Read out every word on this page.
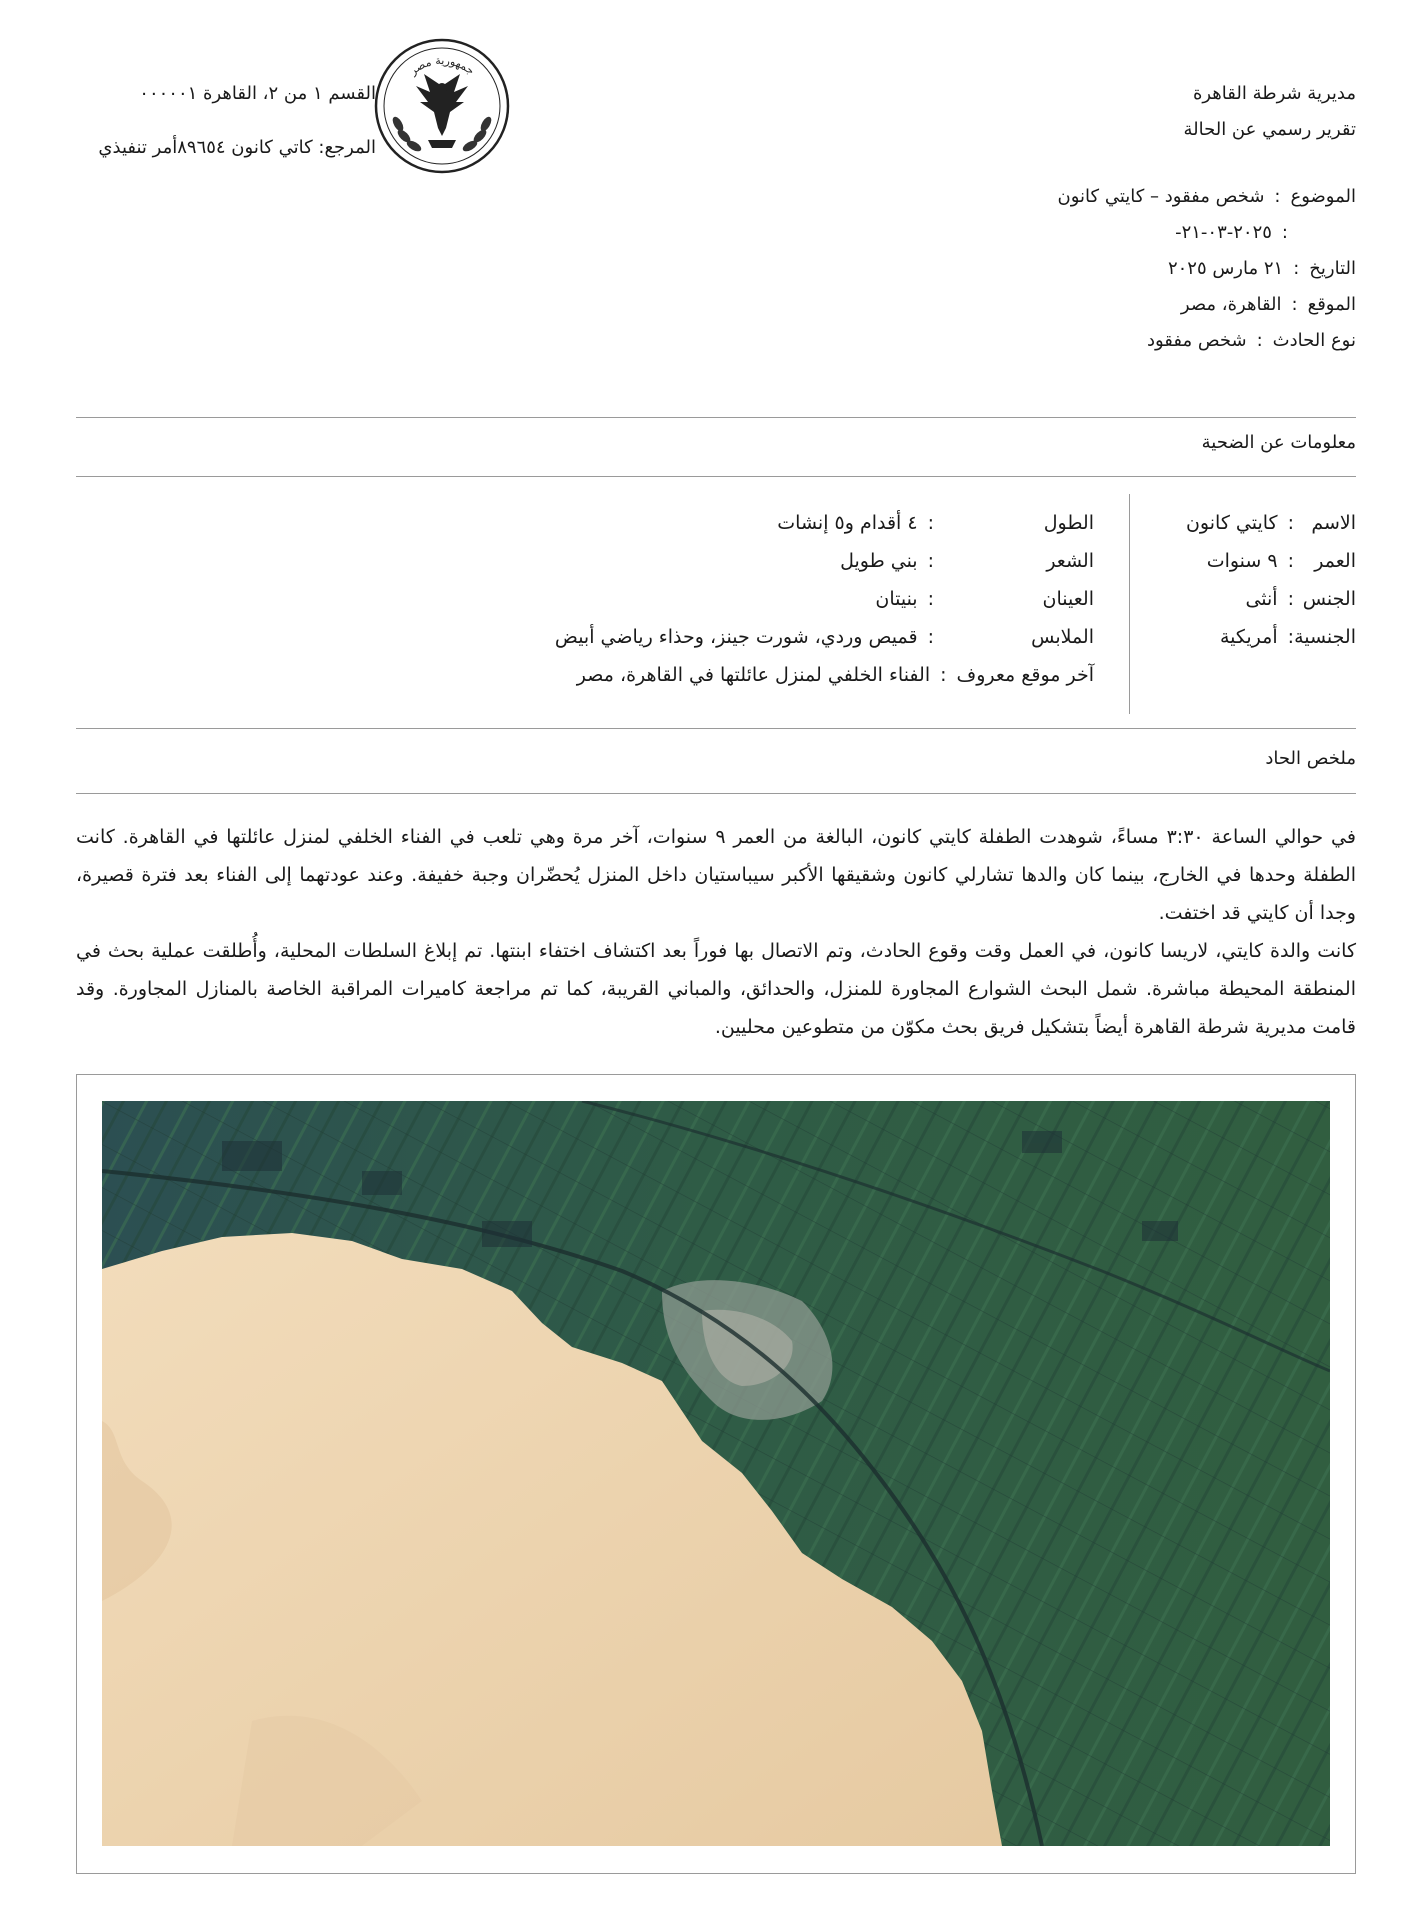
مديرية شرطة القاهرة
تقرير رسمي عن الحالة
جمهورية مصر
القسم ١ من ٢، القاهرة ٠٠٠٠٠١
المرجع: كاتي كانون ٨٩٦٥٤أمر تنفيذي
الموضوع
:
شخص مفقود – كايتي كانون
:
٢٠٢٥-٠٣-٢١-
التاريخ
:
٢١ مارس ٢٠٢٥
الموقع
:
القاهرة، مصر
نوع الحادث
:
شخص مفقود
معلومات عن الضحية
الاسم
:
كايتي كانون
العمر
:
٩ سنوات
الجنس
:
أنثى
الجنسية
:
أمريكية
الطول
:
٤ أقدام و٥ إنشات
الشعر
:
بني طويل
العينان
:
بنيتان
الملابس
:
قميص وردي، شورت جينز، وحذاء رياضي أبيض
آخر موقع معروف
:
الفناء الخلفي لمنزل عائلتها في القاهرة، مصر
ملخص الحاد

في حوالي الساعة ٣:٣٠ مساءً، شوهدت الطفلة كايتي كانون، البالغة من العمر ٩ سنوات، آخر مرة وهي تلعب في الفناء الخلفي لمنزل عائلتها في القاهرة. كانت الطفلة وحدها في الخارج، بينما كان والدها تشارلي كانون وشقيقها الأكبر سيباستيان داخل المنزل يُحضّران وجبة خفيفة. وعند عودتهما إلى الفناء بعد فترة قصيرة، وجدا أن كايتي قد اختفت.

كانت والدة كايتي، لاريسا كانون، في العمل وقت وقوع الحادث، وتم الاتصال بها فوراً بعد اكتشاف اختفاء ابنتها. تم إبلاغ السلطات المحلية، وأُطلقت عملية بحث في المنطقة المحيطة مباشرة. شمل البحث الشوارع المجاورة للمنزل، والحدائق، والمباني القريبة، كما تم مراجعة كاميرات المراقبة الخاصة بالمنازل المجاورة. وقد قامت مديرية شرطة القاهرة أيضاً بتشكيل فريق بحث مكوّن من متطوعين محليين.
